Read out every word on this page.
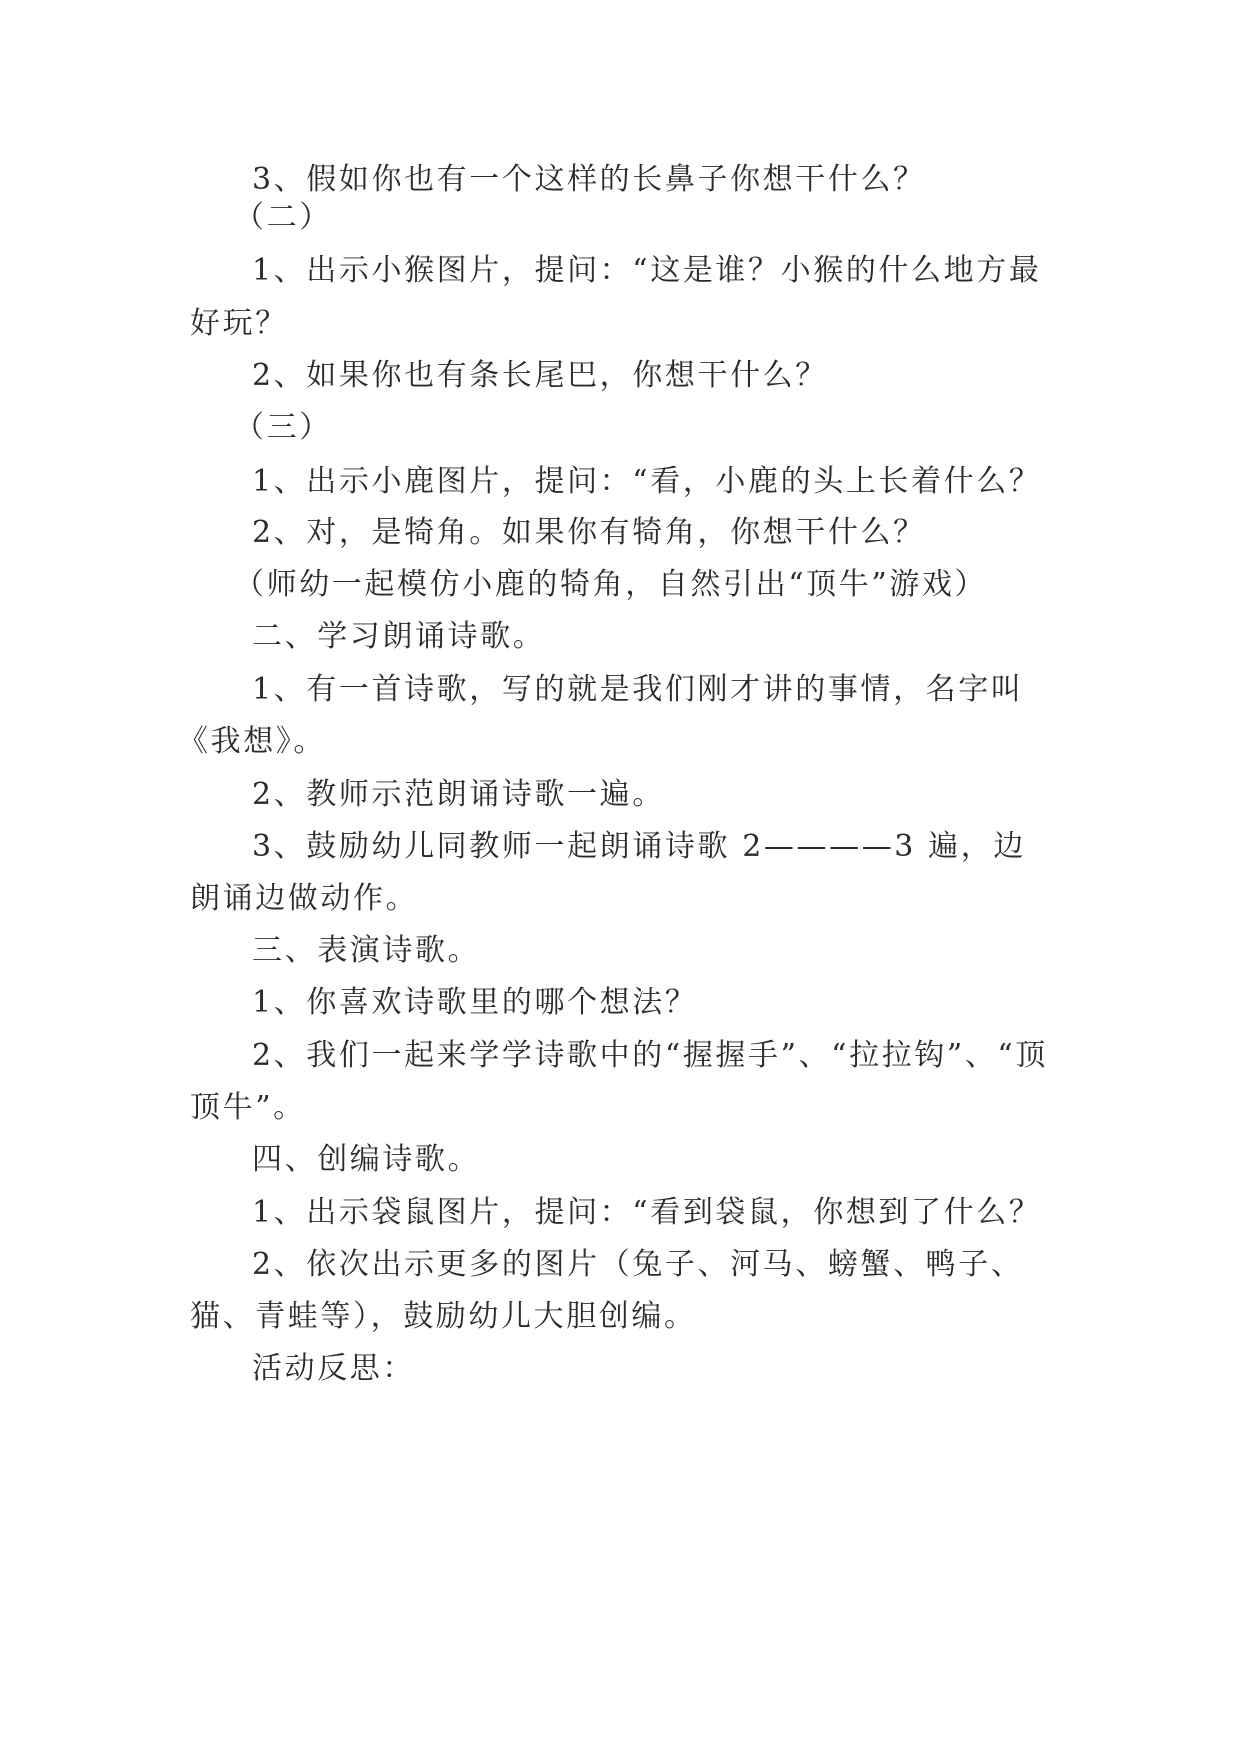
3、假如你也有一个这样的长鼻子你想干什么？
（二）
1、出示小猴图片，提问：“这是谁？小猴的什么地方最
好玩？
2、如果你也有条长尾巴，你想干什么？
（三）
1、出示小鹿图片，提问：“看，小鹿的头上长着什么？
2、对，是犄角。如果你有犄角，你想干什么？
（师幼一起模仿小鹿的犄角，自然引出“顶牛”游戏）
二、学习朗诵诗歌。
1、有一首诗歌，写的就是我们刚才讲的事情，名字叫
《我想》。
2、教师示范朗诵诗歌一遍。
3、鼓励幼儿同教师一起朗诵诗歌 2————3 遍，边
朗诵边做动作。
三、表演诗歌。
1、你喜欢诗歌里的哪个想法？
2、我们一起来学学诗歌中的“握握手”、“拉拉钩”、“顶
顶牛”。
四、创编诗歌。
1、出示袋鼠图片，提问：“看到袋鼠，你想到了什么？
2、依次出示更多的图片（兔子、河马、螃蟹、鸭子、
猫、青蛙等），鼓励幼儿大胆创编。
活动反思：
